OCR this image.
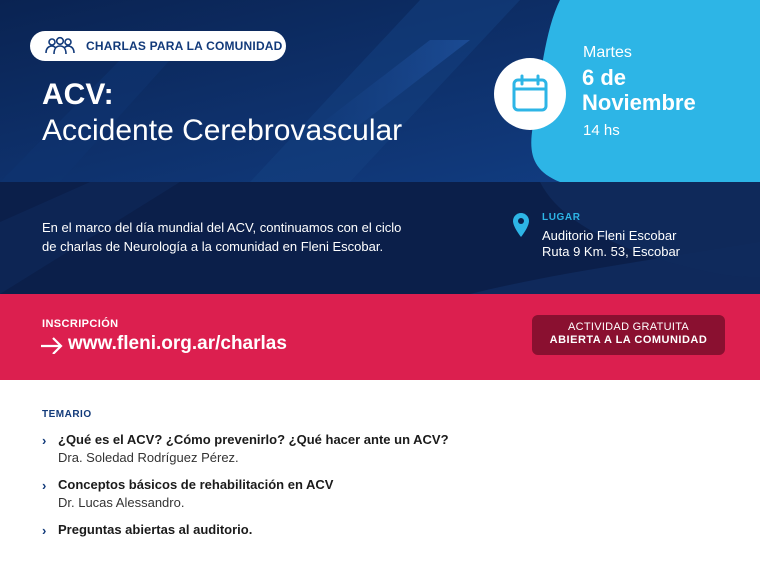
CHARLAS PARA LA COMUNIDAD
ACV:
Accidente Cerebrovascular
Martes
6 de
Noviembre
14 hs
En el marco del día mundial del ACV, continuamos con el ciclo
de charlas de Neurología a la comunidad en Fleni Escobar.
LUGAR
Auditorio Fleni Escobar
Ruta 9 Km. 53, Escobar
INSCRIPCIÓN
www.fleni.org.ar/charlas
ACTIVIDAD GRATUITA
ABIERTA A LA COMUNIDAD
TEMARIO
› ¿Qué es el ACV? ¿Cómo prevenirlo? ¿Qué hacer ante un ACV?
Dra. Soledad Rodríguez Pérez.
› Conceptos básicos de rehabilitación en ACV
Dr. Lucas Alessandro.
› Preguntas abiertas al auditorio.
